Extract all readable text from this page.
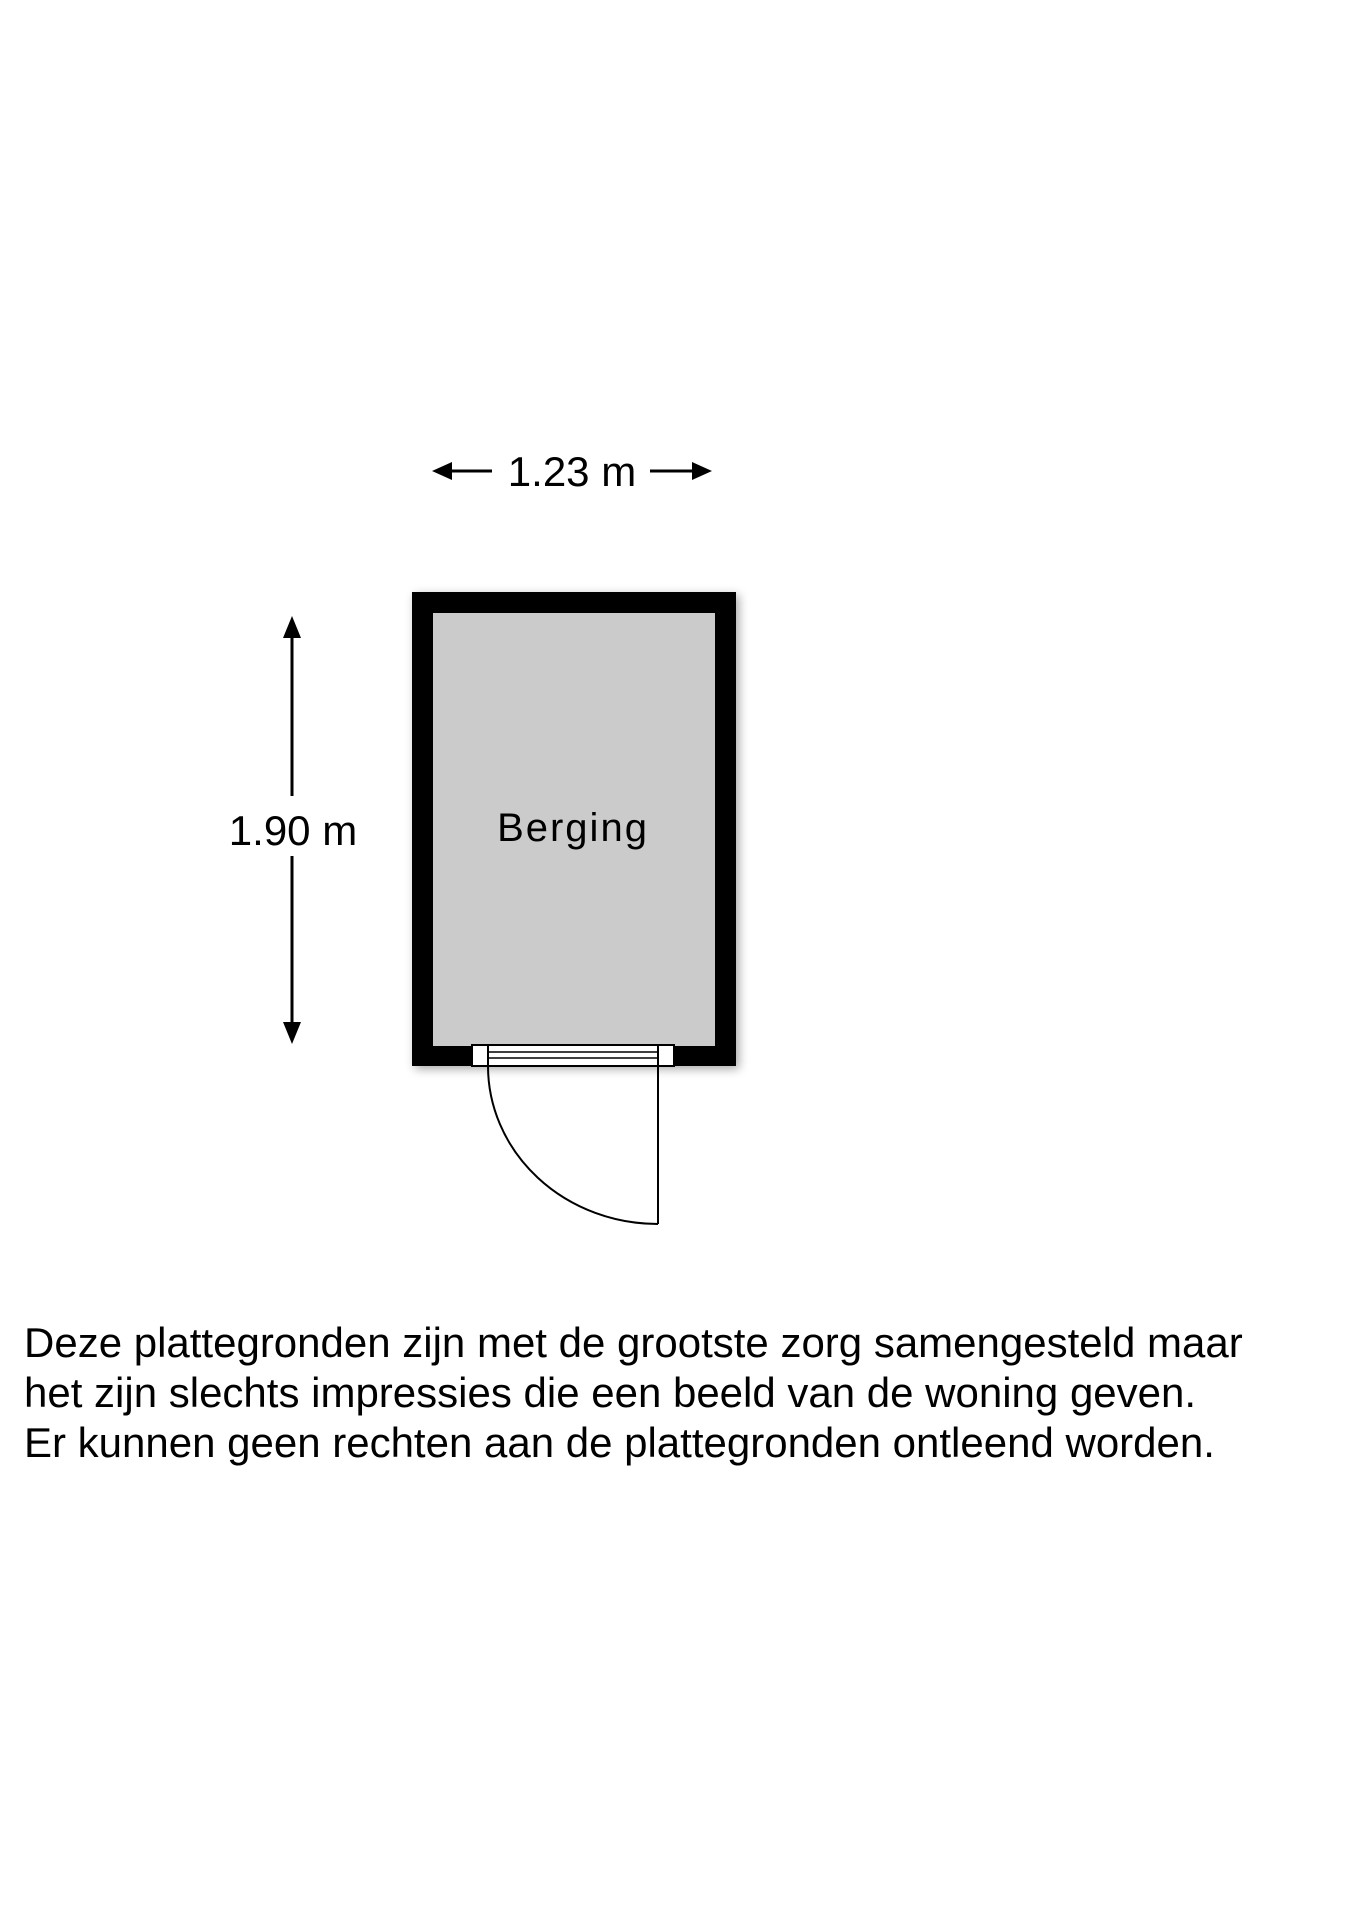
1.23 m
1.90 m	Berging

Deze plattegronden zijn met de grootste zorg samengesteld maar
het zijn slechts impressies die een beeld van de woning geven.
Er kunnen geen rechten aan de plattegronden ontleend worden.
